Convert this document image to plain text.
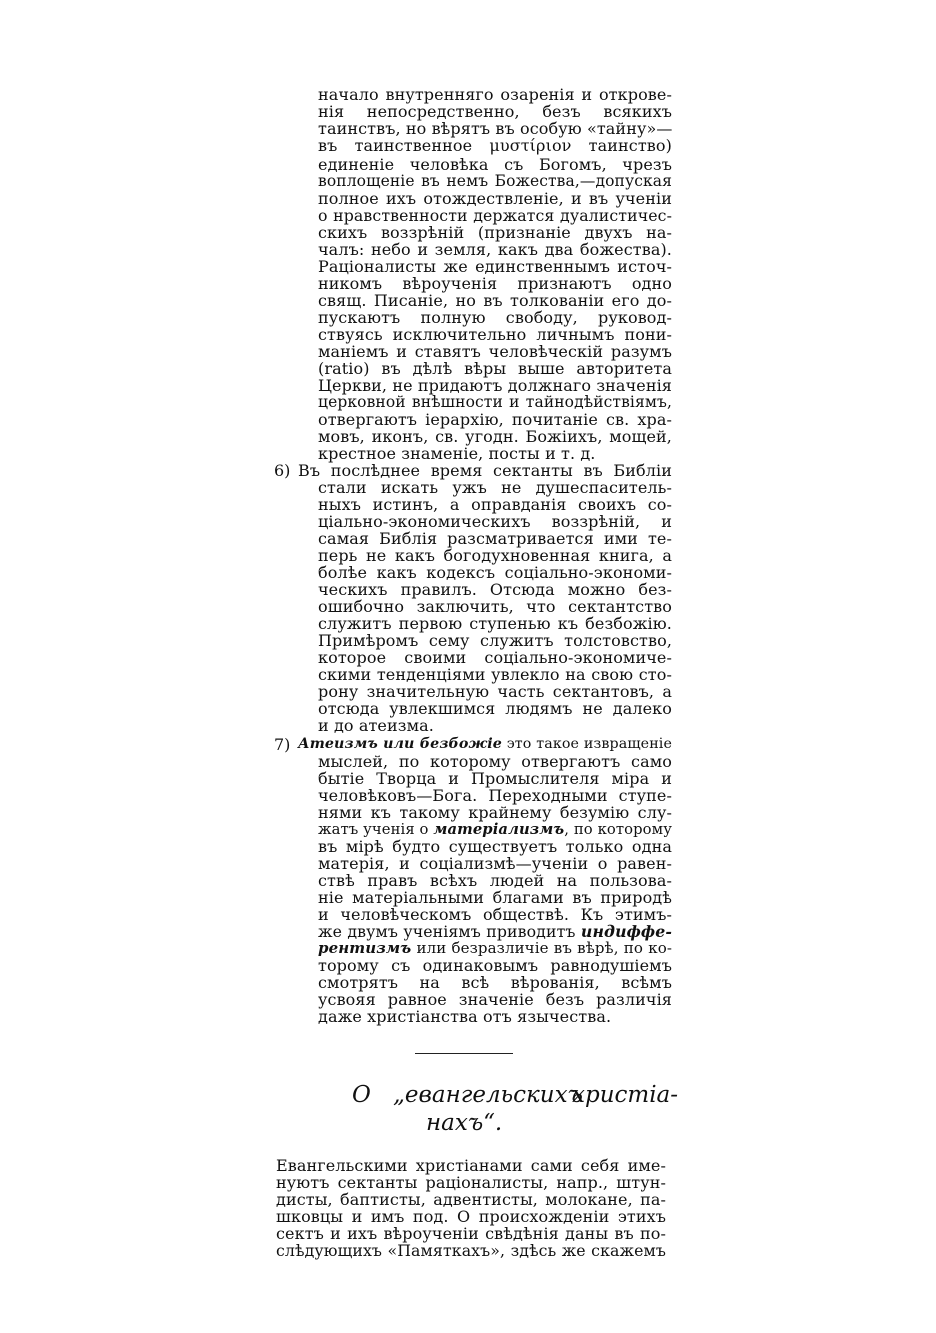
начало внутренняго озаренія и открове-
нія непосредственно, безъ всякихъ
таинствъ, но вѣрятъ въ особую «тайну»—
въ таинственное μυστίριον таинство)
единеніе человѣка съ Богомъ, чрезъ
воплощеніе въ немъ Божества,—допуская
полное ихъ отождествленіе, и въ ученіи
о нравственности держатся дуалистичес-
скихъ воззрѣній (признаніе двухъ на-
чалъ: небо и земля, какъ два божества).
Раціоналисты же единственнымъ источ-
никомъ вѣроученія признаютъ одно
свящ. Писаніе, но въ толкованіи его до-
пускаютъ полную свободу, руковод-
ствуясь исключительно личнымъ пони-
маніемъ и ставятъ человѣческій разумъ
(ratio) въ дѣлѣ вѣры выше авторитета
Церкви, не придаютъ должнаго значенія
церковной внѣшности и тайнодѣйствіямъ,
отвергаютъ іерархію, почитаніе св. хра-
мовъ, иконъ, св. угодн. Божіихъ, мощей,
крестное знаменіе, посты и т. д.
6) Въ послѣднее время сектанты въ Библіи
стали искать ужъ не душеспаситель-
ныхъ истинъ, а оправданія своихъ со-
ціально-экономическихъ воззрѣній, и
самая Библія разсматривается ими те-
перь не какъ богодухновенная книга, а
болѣе какъ кодексъ соціально-экономи-
ческихъ правилъ. Отсюда можно без-
ошибочно заключить, что сектантство
служитъ первою ступенью къ безбожію.
Примѣромъ сему служитъ толстовство,
которое своими соціально-экономиче-
скими тенденціями увлекло на свою сто-
рону значительную часть сектантовъ, а
отсюда увлекшимся людямъ не далеко
и до атеизма.
7) Атеизмъ или безбожіе это такое извращеніе
мыслей, по которому отвергаютъ само
бытіе Творца и Промыслителя міра и
человѣковъ—Бога. Переходными ступе-
нями къ такому крайнему безумію слу-
жатъ ученія о матеріализмъ, по которому
въ мірѣ будто существуетъ только одна
матерія, и соціализмѣ—ученіи о равен-
ствѣ правъ всѣхъ людей на пользова-
ніе матеріальными благами въ природѣ
и человѣческомъ обществѣ. Къ этимъ-
же двумъ ученіямъ приводитъ индиффе-
рентизмъ или безразличіе въ вѣрѣ, по ко-
торому съ одинаковымъ равнодушіемъ
смотрятъ на всѣ вѣрованія, всѣмъ
усвояя равное значеніе безъ различія
даже христіанства отъ язычества.
О „евангельскихъ
христіа-
нахъ“.
Евангельскими христіанами сами себя име-
нуютъ сектанты раціоналисты, напр., штун-
дисты, баптисты, адвентисты, молокане, па-
шковцы и имъ под. О происхожденіи этихъ
сектъ и ихъ вѣроученіи свѣдѣнія даны въ по-
слѣдующихъ «Памяткахъ», здѣсь же скажемъ
